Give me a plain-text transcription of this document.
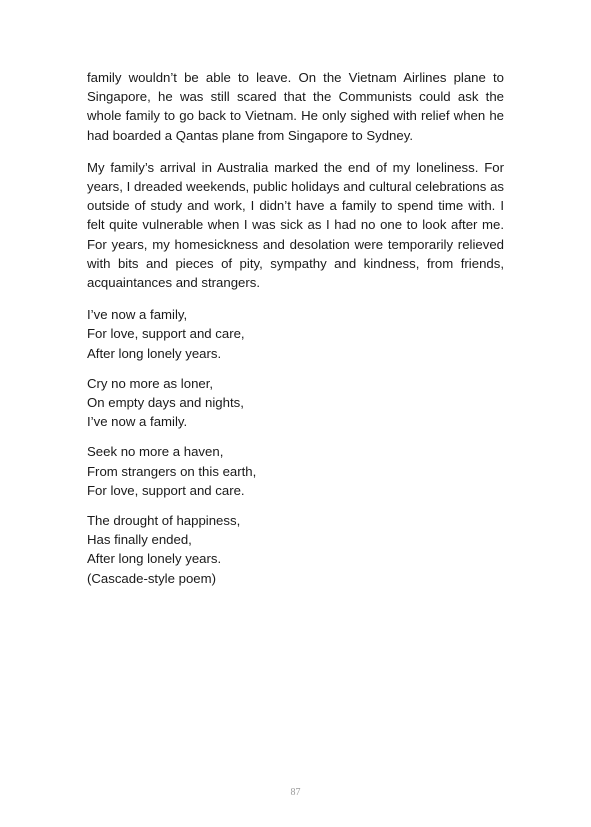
family wouldn’t be able to leave. On the Vietnam Airlines plane to Singapore, he was still scared that the Communists could ask the whole family to go back to Vietnam. He only sighed with relief when he had boarded a Qantas plane from Singapore to Sydney.

My family’s arrival in Australia marked the end of my loneliness. For years, I dreaded weekends, public holidays and cultural celebrations as outside of study and work, I didn’t have a family to spend time with. I felt quite vulnerable when I was sick as I had no one to look after me. For years, my homesickness and desolation were temporarily relieved with bits and pieces of pity, sympathy and kindness, from friends, acquaintances and strangers.

I’ve now a family,
For love, support and care,
After long lonely years.
Cry no more as loner,
On empty days and nights,
I’ve now a family.
Seek no more a haven,
From strangers on this earth,
For love, support and care.
The drought of happiness,
Has finally ended,
After long lonely years.
(Cascade-style poem)
87
